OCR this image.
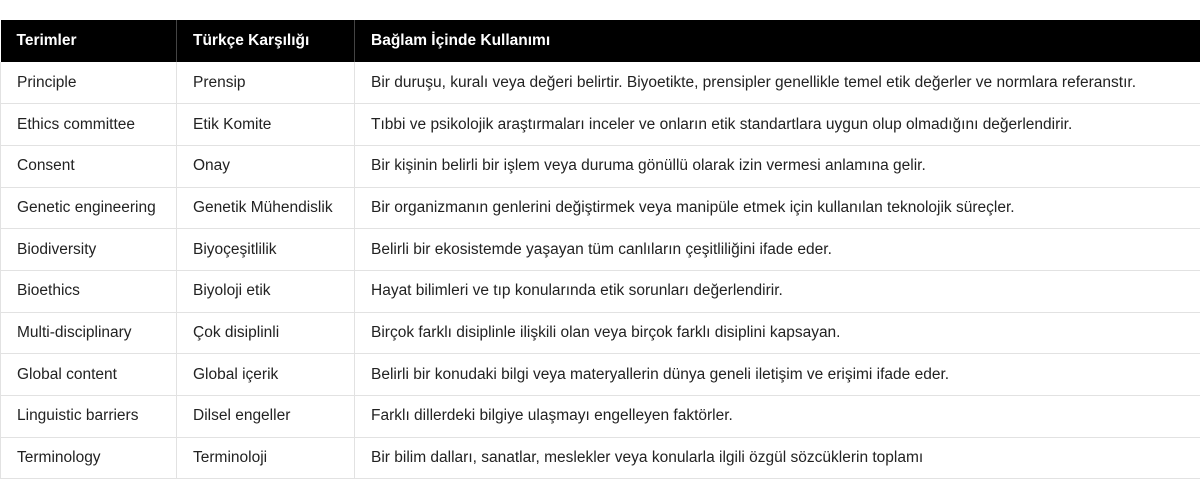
Terimler	Türkçe Karşılığı	Bağlam İçinde Kullanımı
Principle	Prensip	Bir duruşu, kuralı veya değeri belirtir. Biyoetikte, prensipler genellikle temel etik değerler ve normlara referanstır.
Ethics committee	Etik Komite	Tıbbi ve psikolojik araştırmaları inceler ve onların etik standartlara uygun olup olmadığını değerlendirir.
Consent	Onay	Bir kişinin belirli bir işlem veya duruma gönüllü olarak izin vermesi anlamına gelir.
Genetic engineering	Genetik Mühendislik	Bir organizmanın genlerini değiştirmek veya manipüle etmek için kullanılan teknolojik süreçler.
Biodiversity	Biyoçeşitlilik	Belirli bir ekosistemde yaşayan tüm canlıların çeşitliliğini ifade eder.
Bioethics	Biyoloji etik	Hayat bilimleri ve tıp konularında etik sorunları değerlendirir.
Multi-disciplinary	Çok disiplinli	Birçok farklı disiplinle ilişkili olan veya birçok farklı disiplini kapsayan.
Global content	Global içerik	Belirli bir konudaki bilgi veya materyallerin dünya geneli iletişim ve erişimi ifade eder.
Linguistic barriers	Dilsel engeller	Farklı dillerdeki bilgiye ulaşmayı engelleyen faktörler.
Terminology	Terminoloji	Bir bilim dalları, sanatlar, meslekler veya konularla ilgili özgül sözcüklerin toplamı
